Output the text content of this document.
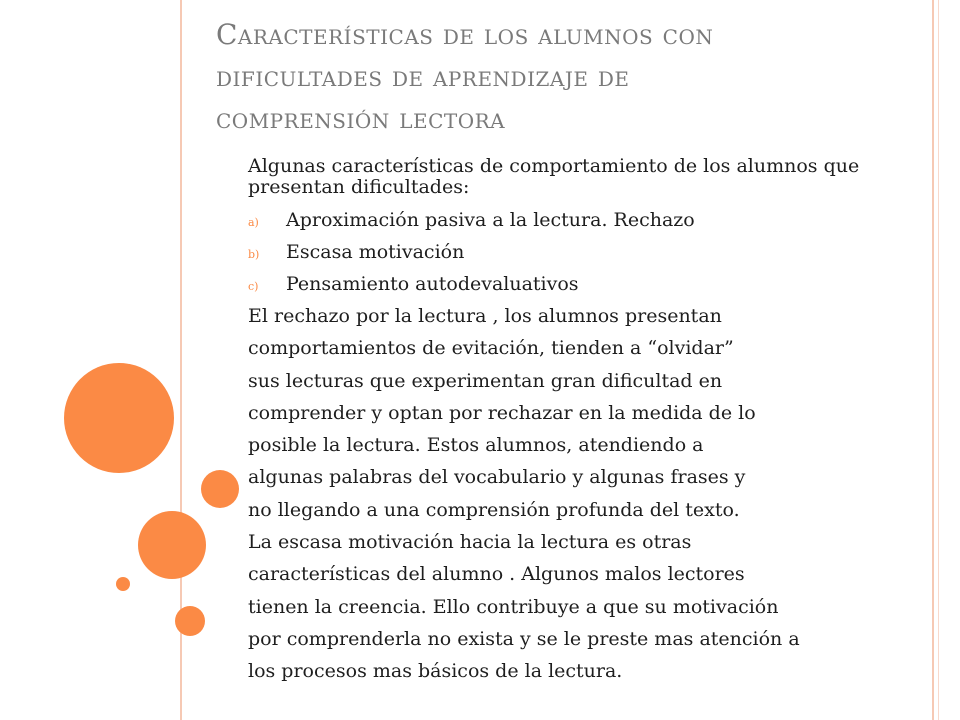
Características de los alumnos con
dificultades de aprendizaje de
comprensión lectora

Algunas características de comportamiento de los alumnos que presentan dificultades:

a)	Aproximación pasiva a la lectura. Rechazo
b)	Escasa motivación
c)	Pensamiento autodevaluativos
El rechazo por la lectura , los alumnos presentan
comportamientos de evitación, tienden a “olvidar”
sus lecturas que experimentan gran dificultad en
comprender y optan por rechazar en la medida de lo
posible la lectura. Estos alumnos, atendiendo a
algunas palabras del vocabulario y algunas frases y
no llegando a una comprensión profunda del texto.
La escasa motivación hacia la lectura es otras
características del alumno . Algunos malos lectores
tienen la creencia. Ello contribuye a que su motivación
por comprenderla no exista y se le preste mas atención a
los procesos mas básicos de la lectura.
